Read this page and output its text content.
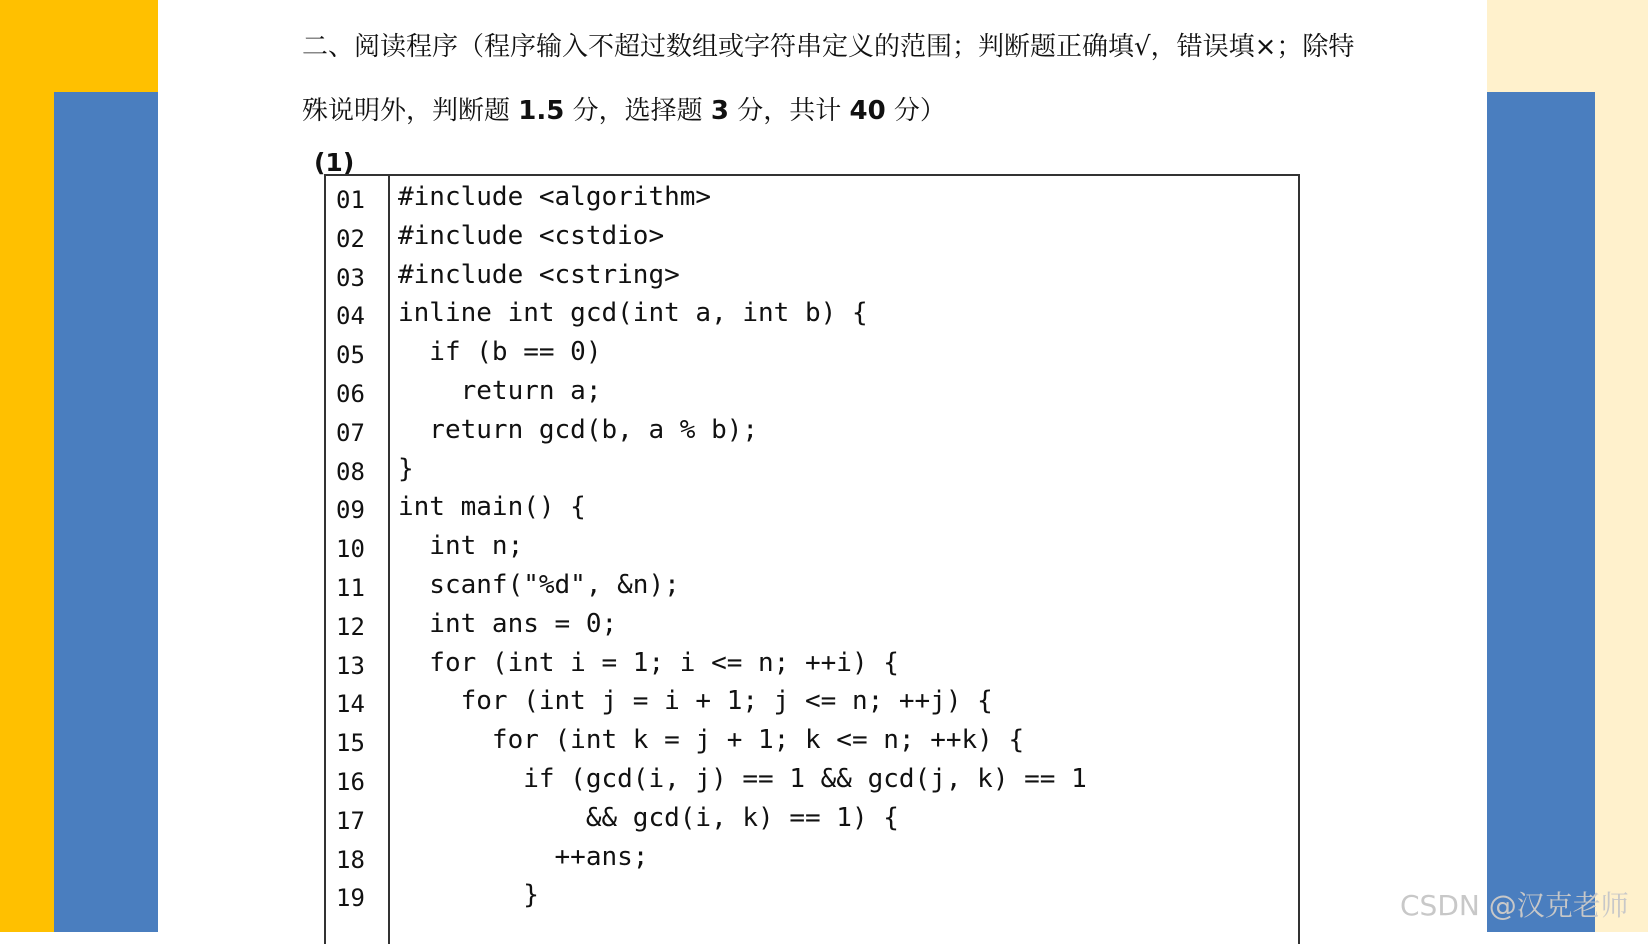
二、阅读程序（程序输入不超过数组或字符串定义的范围；判断题正确填√，错误填×；除特
殊说明外，判断题 1.5 分，选择题 3 分，共计 40 分）
(1)
01 #include <algorithm>
02 #include <cstdio>
03 #include <cstring>
04 inline int gcd(int a, int b) {
05 if (b == 0)
06 return a;
07 return gcd(b, a % b);
08 }
09 int main() {
10 int n;
11 scanf("%d", &n);
12 int ans = 0;
13 for (int i = 1; i <= n; ++i) {
14 for (int j = i + 1; j <= n; ++j) {
15 for (int k = j + 1; k <= n; ++k) {
16 if (gcd(i, j) == 1 && gcd(j, k) == 1
17 && gcd(i, k) == 1) {
18 ++ans;
19 }	CSDN @汉克老师
